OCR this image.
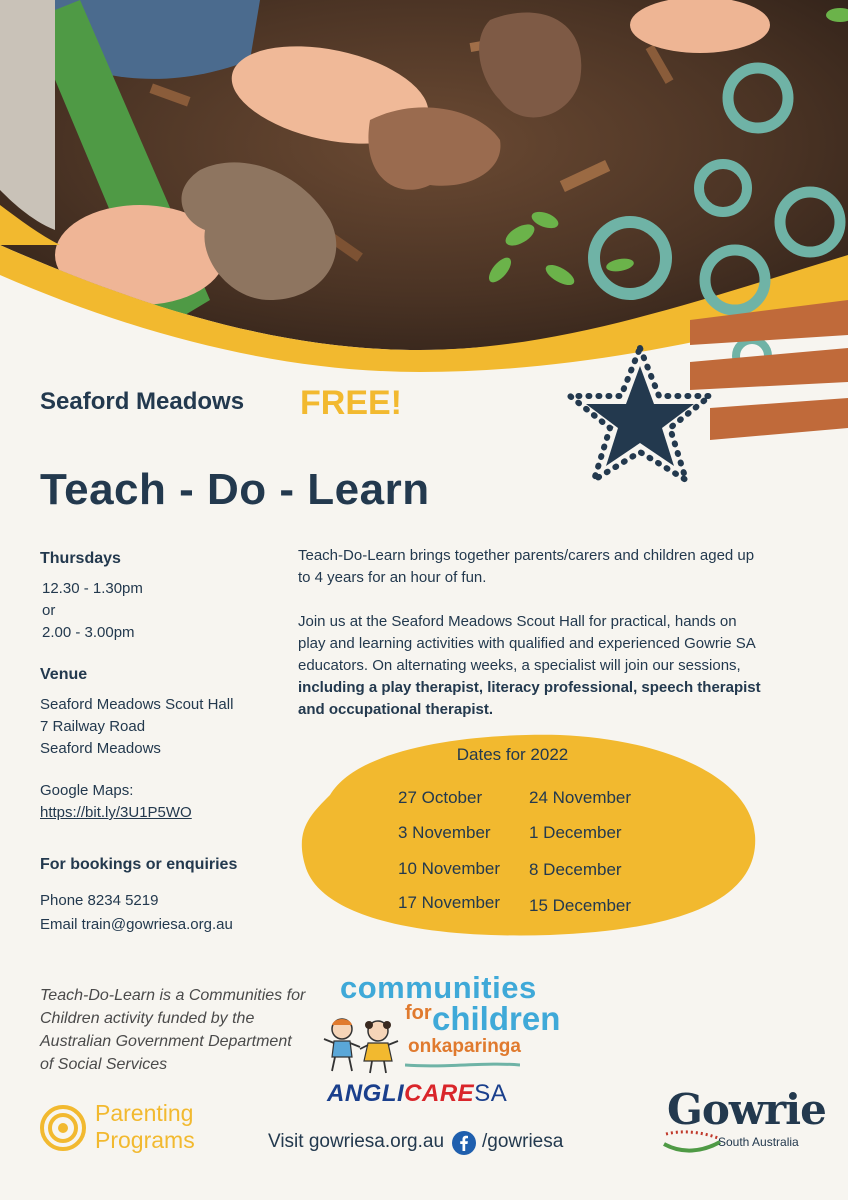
Seaford Meadows FREE!
Teach - Do - Learn
Thursdays
12.30 - 1.30pm
or
2.00 - 3.00pm
Venue
Seaford Meadows Scout Hall
7 Railway Road
Seaford Meadows
Google Maps:
https://bit.ly/3U1P5WO
For bookings or enquiries
Phone 8234 5219
Email train@gowriesa.org.au

Teach-Do-Learn brings together parents/carers and children aged up to 4 years for an hour of fun.

Join us at the Seaford Meadows Scout Hall for practical, hands on play and learning activities with qualified and experienced Gowrie SA educators. On alternating weeks, a specialist will join our sessions, including a play therapist, literacy professional, speech therapist and occupational therapist.

Dates for 2022
27 October
3 November
10 November
17 November
24 November
1 December
8 December
15 December
Teach-Do-Learn is a Communities for Children activity funded by the Australian Government Department of Social Services
communities
for children
onkaparinga
ANGLICARESA
Parenting
Programs	Visit gowriesa.org.au /gowriesa
Gowrie
South Australia
